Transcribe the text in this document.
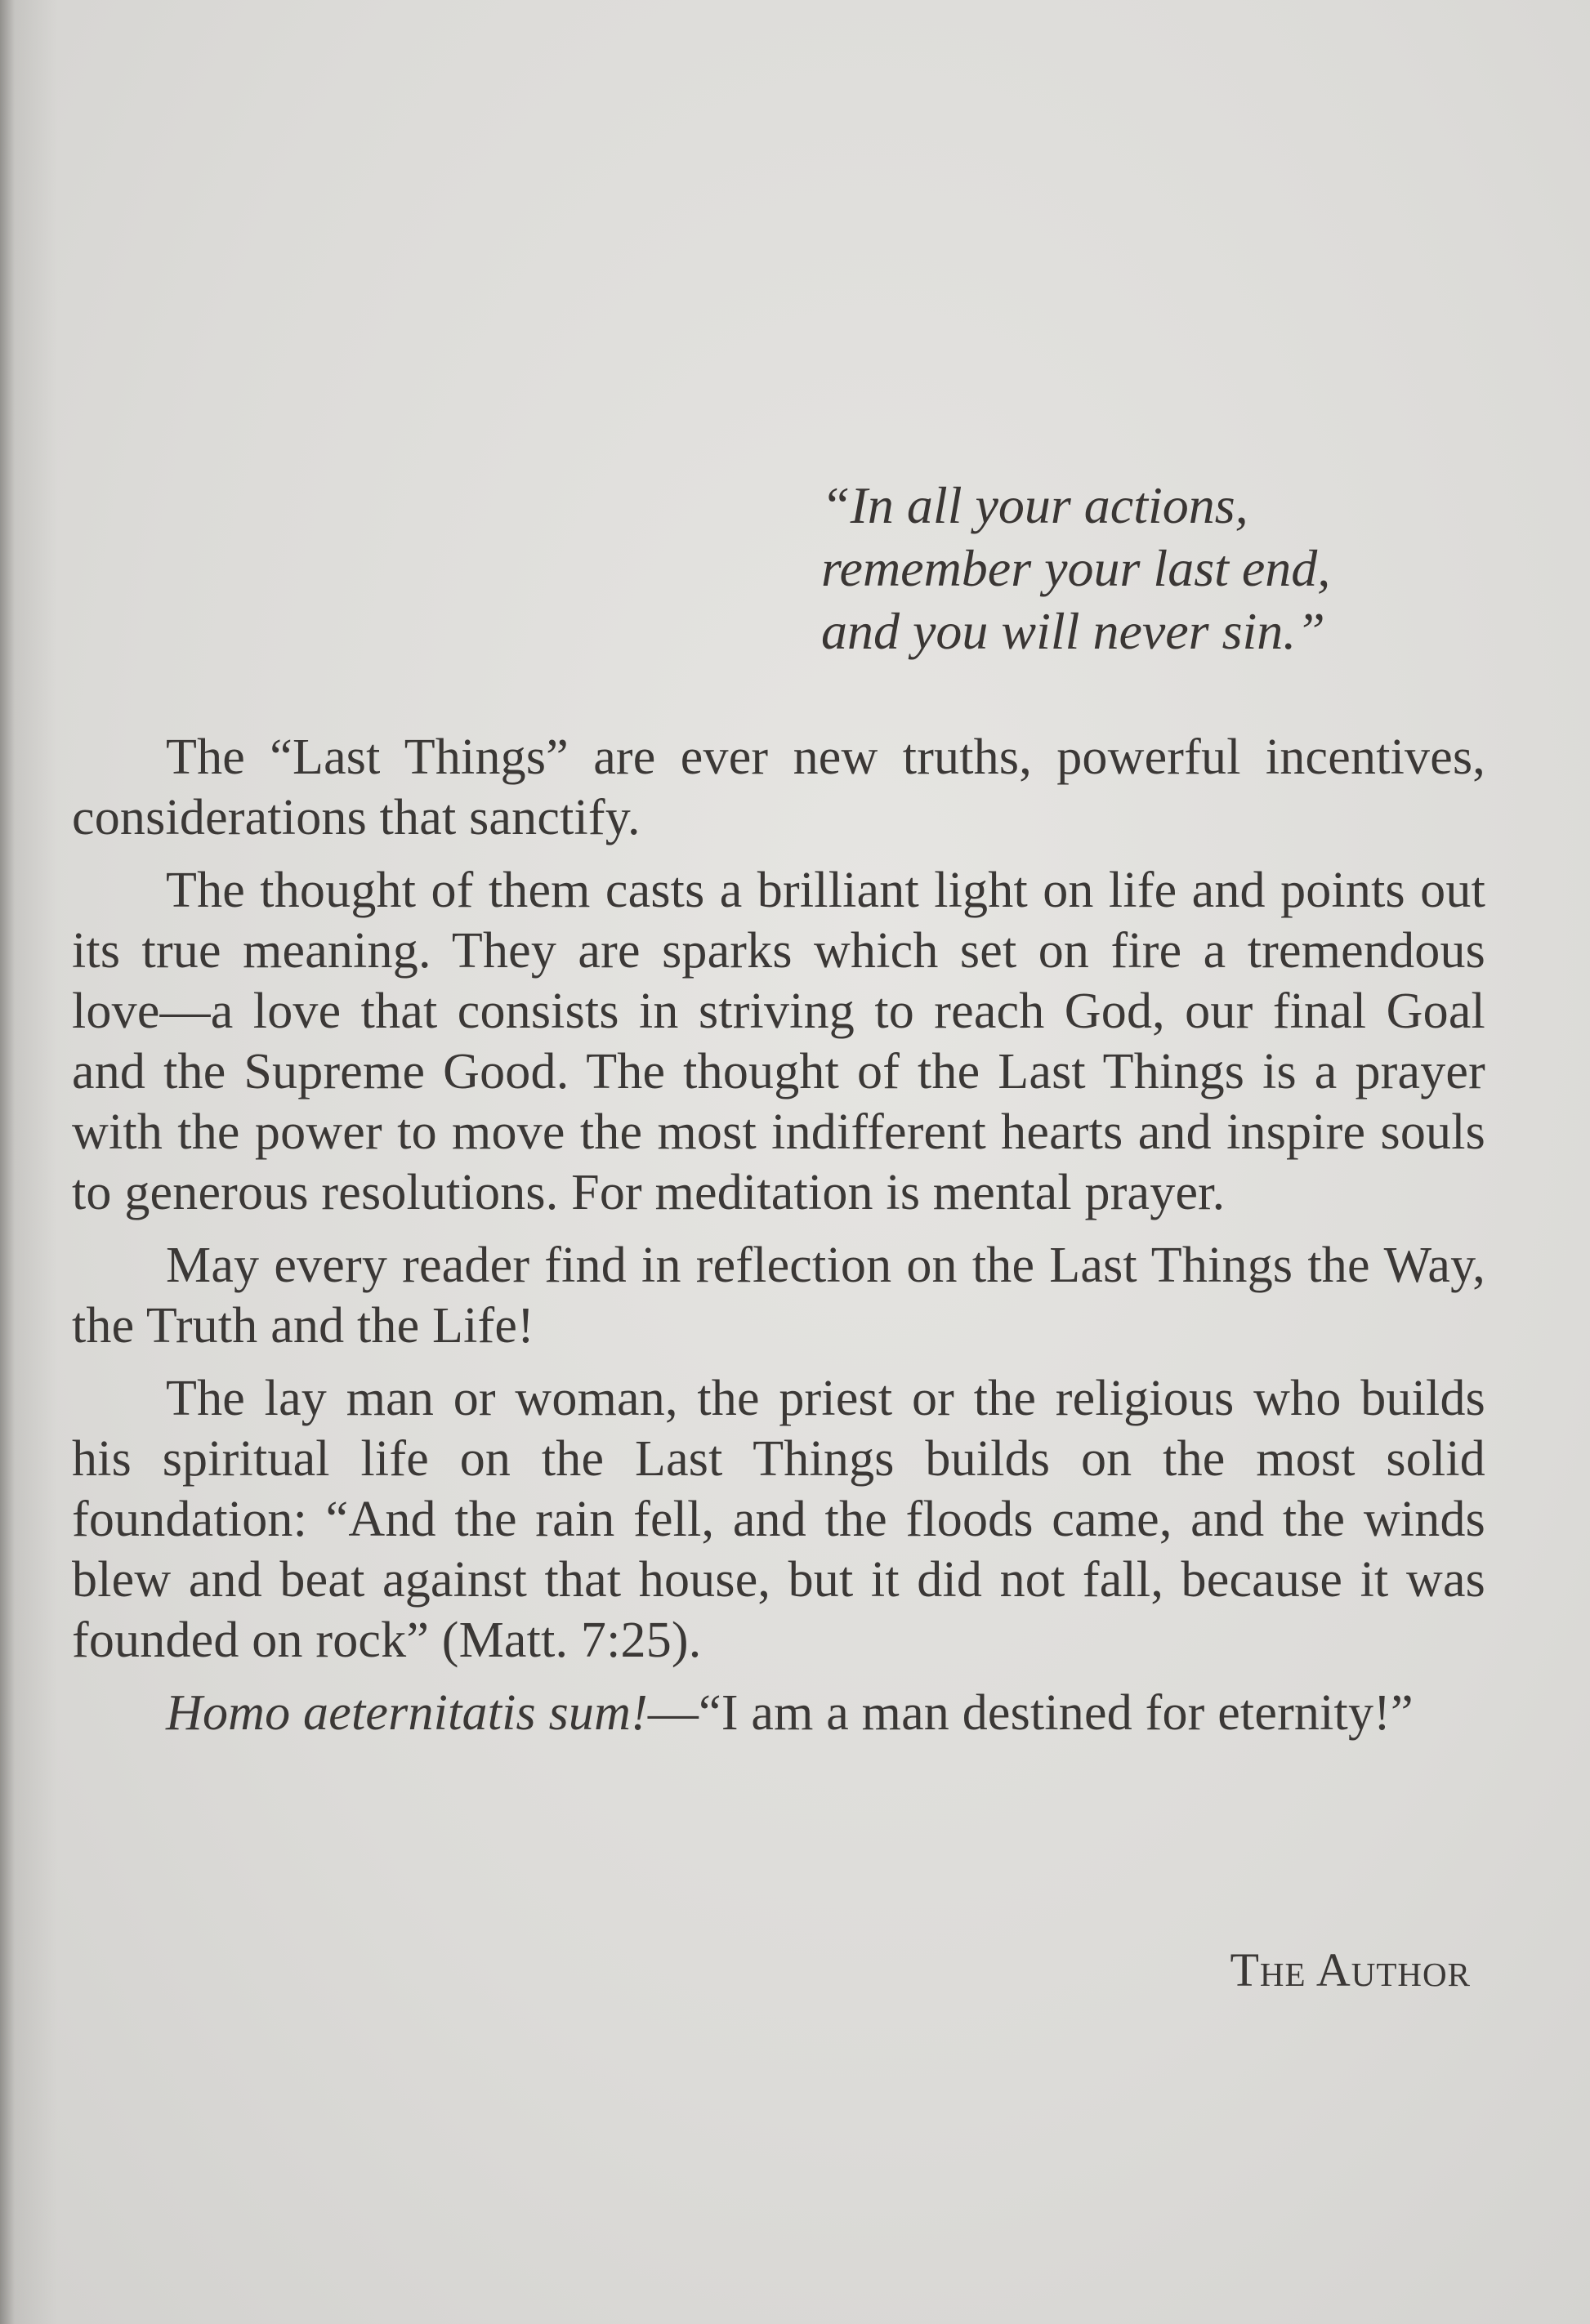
“In all your actions,
remember your last end,
and you will never sin.”

The “Last Things” are ever new truths, powerful incentives, considerations that sanctify.

The thought of them casts a brilliant light on life and points out its true meaning. They are sparks which set on fire a tremendous love—a love that consists in striving to reach God, our final Goal and the Supreme Good. The thought of the Last Things is a prayer with the power to move the most indifferent hearts and inspire souls to generous resolutions. For meditation is mental prayer.

May every reader find in reflection on the Last Things the Way, the Truth and the Life!

The lay man or woman, the priest or the religious who builds his spiritual life on the Last Things builds on the most solid foundation: “And the rain fell, and the floods came, and the winds blew and beat against that house, but it did not fall, because it was founded on rock” (Matt. 7:25).

Homo aeternitatis sum!—“I am a man destined for eternity!”

The Author
